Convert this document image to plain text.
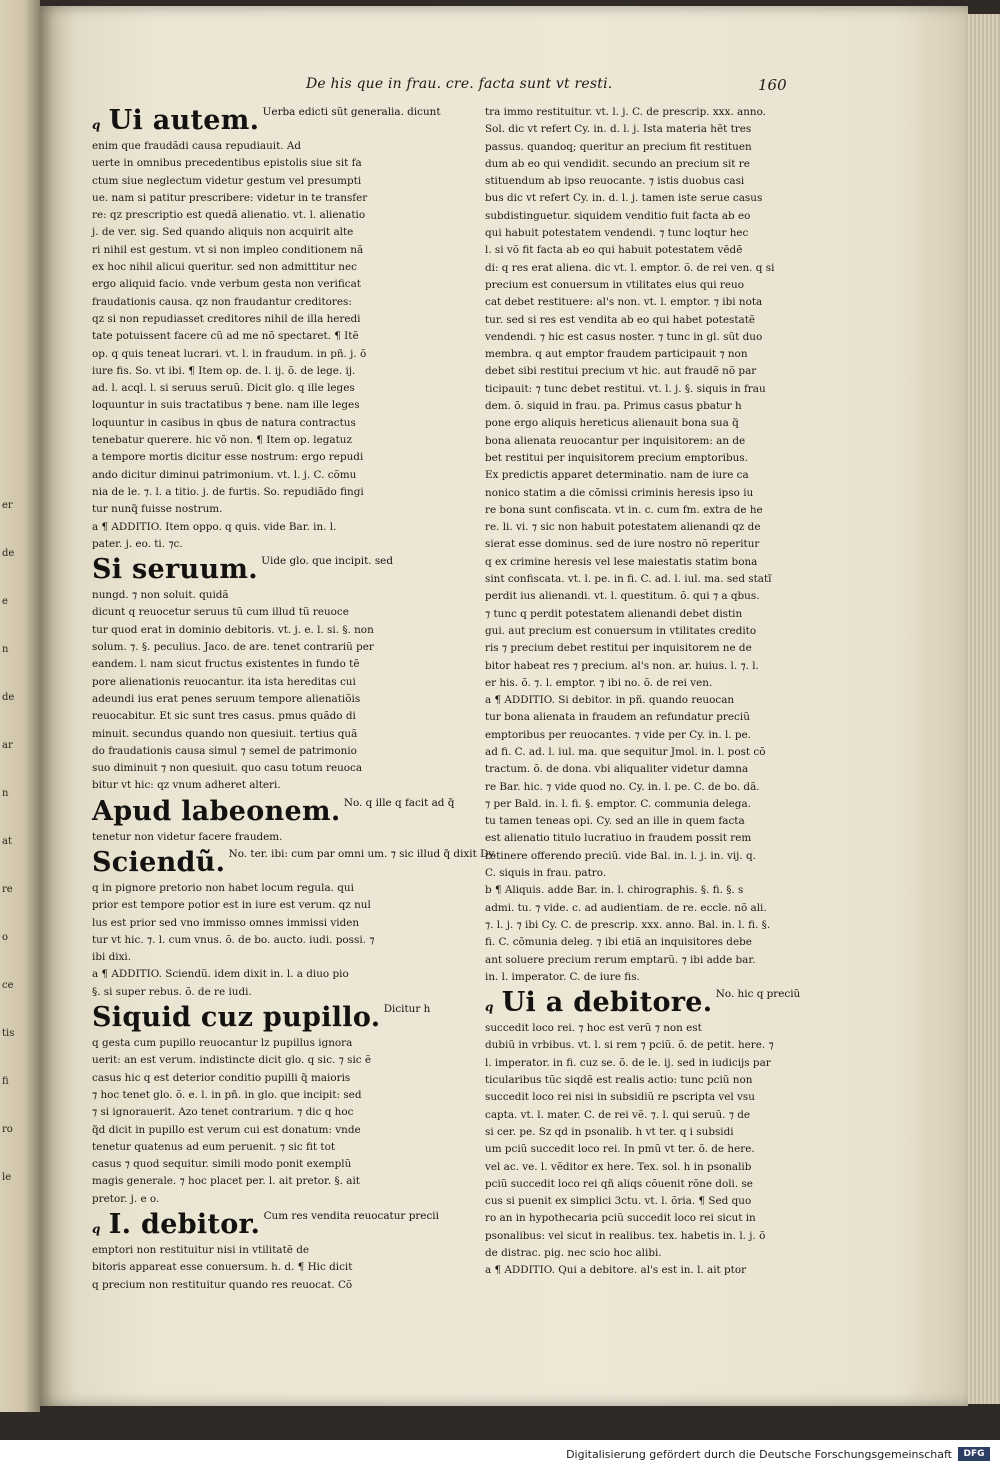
er
de
e
n
de
ar
n
at
re
o
ce
tis
fi
ro
le
De his que in frau. cre. facta sunt vt resti.	160
q Ui autem. $^{Uerba edicti sũt generalia. dicunt}$
enim que fraudãdi causa repudiauit. Ad
uerte in omnibus precedentibus epistolis siue sit fa
ctum siue neglectum videtur gestum vel presumpti
ue. nam si patitur prescribere: videtur in te transfer
re: qz prescriptio est quedã alienatio. vt. l. alienatio
j. de ver. sig. Sed quando aliquis non acquirit alte
ri nihil est gestum. vt si non impleo conditionem nã
ex hoc nihil alicui queritur. sed non admittitur nec
ergo aliquid facio. vnde verbum gesta non verificat
fraudationis causa. qz non fraudantur creditores:
qz si non repudiasset creditores nihil de illa heredi
tate potuissent facere cũ ad me nõ spectaret. ¶ Itẽ
op. q quis teneat lucrari. vt. l. in fraudum. in pñ. j. õ
iure fis. So. vt ibi. ¶ Item op. de. l. ij. õ. de lege. ij.
ad. l. acql. l. si seruus seruũ. Dicit glo. q ille leges
loquuntur in suis tractatibus ⁊ bene. nam ille leges
loquuntur in casibus in qbus de natura contractus
tenebatur querere. hic võ non. ¶ Item op. legatuz
a tempore mortis dicitur esse nostrum: ergo repudi
ando dicitur diminui patrimonium. vt. l. j. C. cõmu
nia de le. ⁊. l. a titio. j. de furtis. So. repudiãdo fingi
tur nunq̃ fuisse nostrum.
a ¶ ADDITIO. Item oppo. q quis. vide Bar. in. l.
pater. j. eo. ti. ⁊c.
Si seruum. $^{Uide glo. que incipit. sed}$
nungd. ⁊ non soluit. quidã
dicunt q reuocetur seruus tũ cum illud tũ reuoce
tur quod erat in dominio debitoris. vt. j. e. l. si. §. non
solum. ⁊. §. peculius. Jaco. de are. tenet contrariũ per
eandem. l. nam sicut fructus existentes in fundo tẽ
pore alienationis reuocantur. ita ista hereditas cui
adeundi ius erat penes seruum tempore alienatiõis
reuocabitur. Et sic sunt tres casus. pmus quãdo di
minuit. secundus quando non quesiuit. tertius quã
do fraudationis causa simul ⁊ semel de patrimonio
suo diminuit ⁊ non quesiuit. quo casu totum reuoca
bitur vt hic: qz vnum adheret alteri.
Apud labeonem. $^{No. q ille q facit ad q̃}$
tenetur non videtur facere fraudem.
Sciendũ. $^{No. ter. ibi: cum par omni um. ⁊ sic illud q̃ dixit Dy.}$
q in pignore pretorio non habet locum regula. qui
prior est tempore potior est in iure est verum. qz nul
lus est prior sed vno immisso omnes immissi viden
tur vt hic. ⁊. l. cum vnus. õ. de bo. aucto. iudi. possi. ⁊
ibi dixi.
a ¶ ADDITIO. Sciendũ. idem dixit in. l. a diuo pio
§. si super rebus. õ. de re iudi.
Siquid cuz pupillo. $^{Dicitur h}$
q gesta cum pupillo reuocantur lz pupillus ignora
uerit: an est verum. indistincte dicit glo. q sic. ⁊ sic ẽ
casus hic q est deterior conditio pupilli q̃ maioris
⁊ hoc tenet glo. õ. e. l. in pñ. in glo. que incipit: sed
⁊ si ignorauerit. Azo tenet contrarium. ⁊ dic q hoc
q̃d dicit in pupillo est verum cui est donatum: vnde
tenetur quatenus ad eum peruenit. ⁊ sic fit tot
casus ⁊ quod sequitur. simili modo ponit exemplũ
magis generale. ⁊ hoc placet per. l. ait pretor. §. ait
pretor. j. e o.
q I. debitor. $^{Cum res vendita reuocatur precii}$
emptori non restituitur nisi in vtilitatẽ de
bitoris appareat esse conuersum. h. d. ¶ Hic dicit
q precium non restituitur quando res reuocat. Cõ
tra immo restituitur. vt. l. j. C. de prescrip. xxx. anno.
Sol. dic vt refert Cy. in. d. l. j. Ista materia hẽt tres
passus. quandoq; queritur an precium fit restituen
dum ab eo qui vendidit. secundo an precium sit re
stituendum ab ipso reuocante. ⁊ istis duobus casi
bus dic vt refert Cy. in. d. l. j. tamen iste serue casus
subdistinguetur. siquidem venditio fuit facta ab eo
qui habuit potestatem vendendi. ⁊ tunc loqtur hec
l. si võ fit facta ab eo qui habuit potestatem vẽdẽ
di: q res erat aliena. dic vt. l. emptor. õ. de rei ven. q si
precium est conuersum in vtilitates eius qui reuo
cat debet restituere: al's non. vt. l. emptor. ⁊ ibi nota
tur. sed si res est vendita ab eo qui habet potestatẽ
vendendi. ⁊ hic est casus noster. ⁊ tunc in gl. sũt duo
membra. q aut emptor fraudem participauit ⁊ non
debet sibi restitui precium vt hic. aut fraudẽ nõ par
ticipauit: ⁊ tunc debet restitui. vt. l. j. §. siquis in frau
dem. õ. siquid in frau. pa. Primus casus pbatur h
pone ergo aliquis hereticus alienauit bona sua q̃
bona alienata reuocantur per inquisitorem: an de
bet restitui per inquisitorem precium emptoribus.
Ex predictis apparet determinatio. nam de iure ca
nonico statim a die cõmissi criminis heresis ipso iu
re bona sunt confiscata. vt in. c. cum fm. extra de he
re. li. vi. ⁊ sic non habuit potestatem alienandi qz de
sierat esse dominus. sed de iure nostro nõ reperitur
q ex crimine heresis vel lese maiestatis statim bona
sint confiscata. vt. l. pe. in fi. C. ad. l. iul. ma. sed statĩ
perdit ius alienandi. vt. l. questitum. õ. qui ⁊ a qbus.
⁊ tunc q perdit potestatem alienandi debet distin
gui. aut precium est conuersum in vtilitates credito
ris ⁊ precium debet restitui per inquisitorem ne de
bitor habeat res ⁊ precium. al's non. ar. huius. l. ⁊. l.
er his. õ. ⁊. l. emptor. ⁊ ibi no. õ. de rei ven.
a ¶ ADDITIO. Si debitor. in pñ. quando reuocan
tur bona alienata in fraudem an refundatur preciũ
emptoribus per reuocantes. ⁊ vide per Cy. in. l. pe.
ad fi. C. ad. l. iul. ma. que sequitur Jmol. in. l. post cõ
tractum. õ. de dona. vbi aliqualiter videtur damna
re Bar. hic. ⁊ vide quod no. Cy. in. l. pe. C. de bo. dã.
⁊ per Bald. in. l. fi. §. emptor. C. communia delega.
tu tamen teneas opi. Cy. sed an ille in quem facta
est alienatio titulo lucratiuo in fraudem possit rem
retinere offerendo preciũ. vide Bal. in. l. j. in. vij. q.
C. siquis in frau. patro.
b ¶ Aliquis. adde Bar. in. l. chirographis. §. fi. §. s
admi. tu. ⁊ vide. c. ad audientiam. de re. eccle. nõ ali.
⁊. l. j. ⁊ ibi Cy. C. de prescrip. xxx. anno. Bal. in. l. fi. §.
fi. C. cõmunia deleg. ⁊ ibi etiã an inquisitores debe
ant soluere precium rerum emptarũ. ⁊ ibi adde bar.
in. l. imperator. C. de iure fis.
q Ui a debitore. $^{No. hic q preciũ}$
succedit loco rei. ⁊ hoc est verũ ⁊ non est
dubiũ in vrbibus. vt. l. si rem ⁊ pciũ. õ. de petit. here. ⁊
l. imperator. in fi. cuz se. õ. de le. ij. sed in iudicijs par
ticularibus tũc siqdẽ est realis actio: tunc pciũ non
succedit loco rei nisi in subsidiũ re pscripta vel vsu
capta. vt. l. mater. C. de rei vẽ. ⁊. l. qui seruũ. ⁊ de
si cer. pe. Sz qd in psonalib. h vt ter. q i subsidi
um pciũ succedit loco rei. In pmũ vt ter. õ. de here.
vel ac. ve. l. vẽditor ex here. Tex. sol. h in psonalib
pciũ succedit loco rei qñ aliqs cõuenit rõne doli. se
cus si puenit ex simplici 3ctu. vt. l. õria. ¶ Sed quo
ro an in hypothecaria pciũ succedit loco rei sicut in
psonalibus: vel sicut in realibus. tex. habetis in. l. j. õ
de distrac. pig. nec scio hoc alibi.
a ¶ ADDITIO. Qui a debitore. al's est in. l. ait ptor
Digitalisierung gefördert durch die Deutsche Forschungsgemeinschaft	DFG
